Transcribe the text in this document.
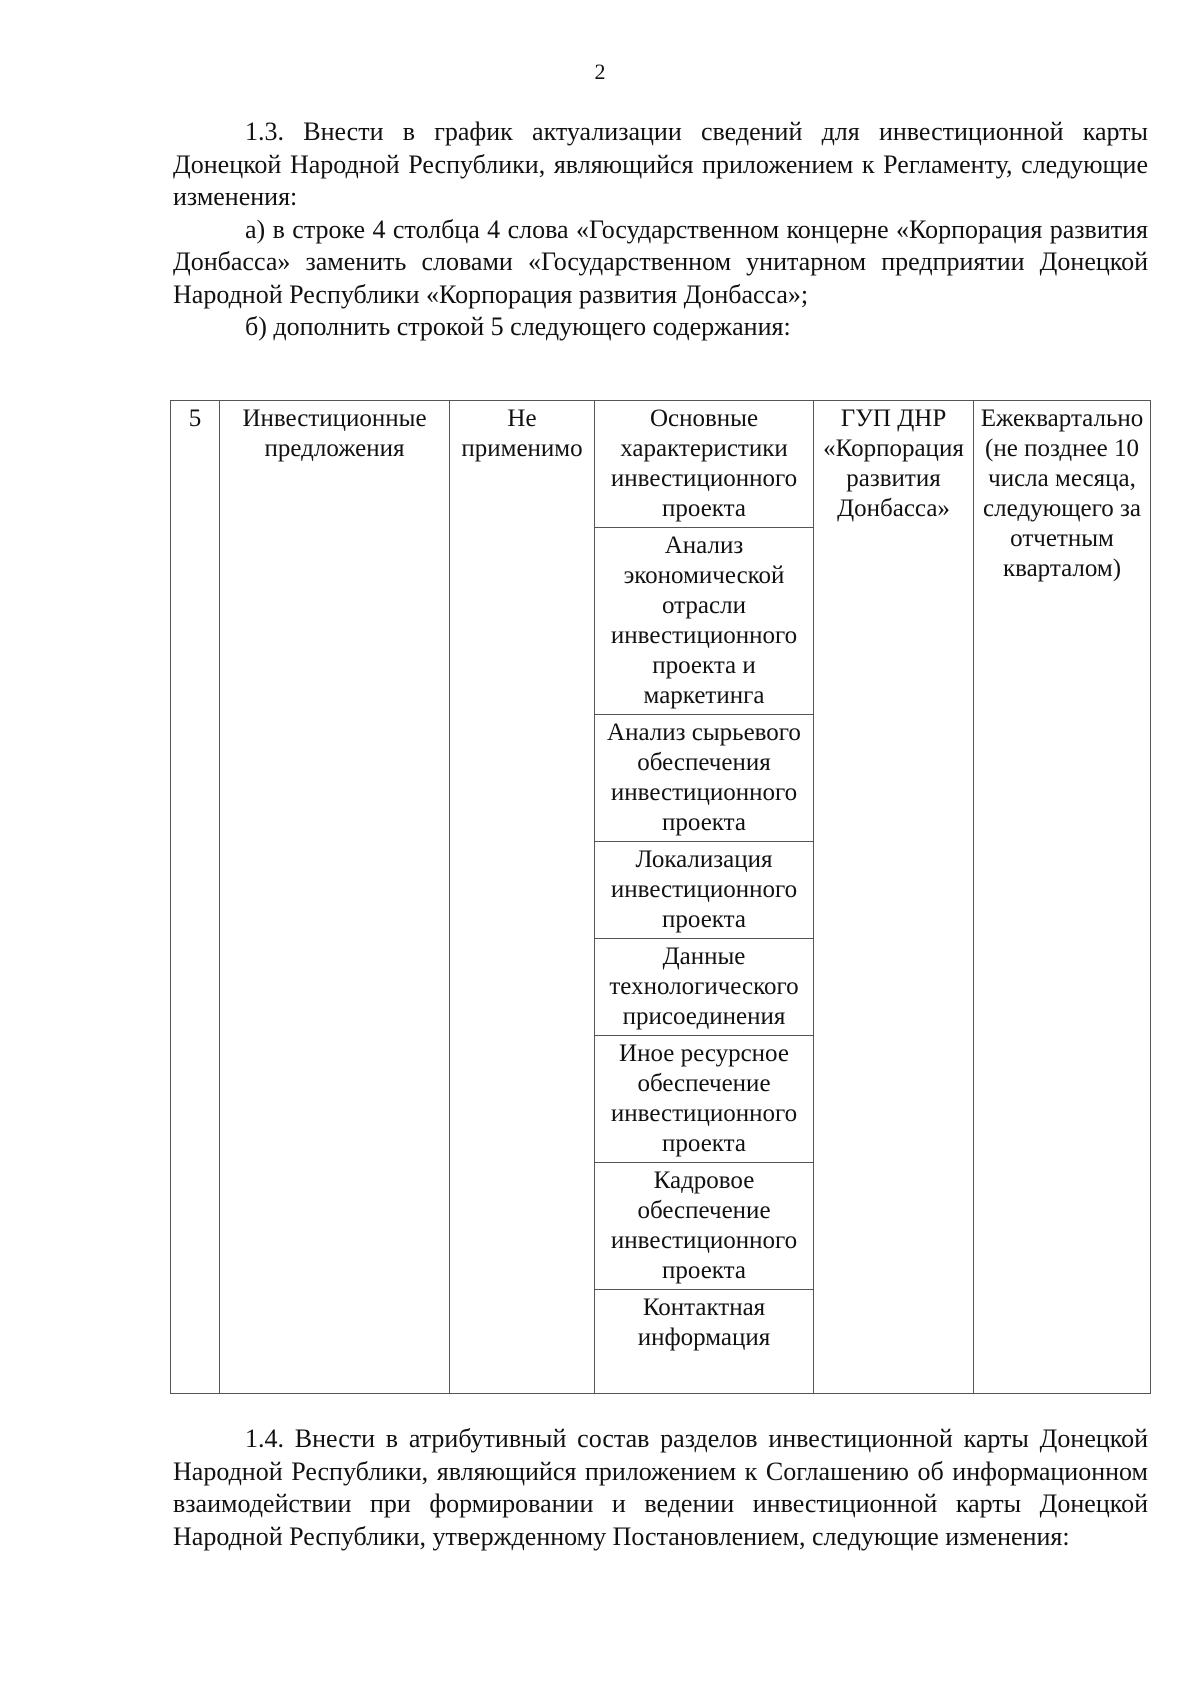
2

1.3. Внести в график актуализации сведений для инвестиционной карты Донецкой Народной Республики, являющийся приложением к Регламенту, следующие изменения:

а) в строке 4 столбца 4 слова «Государственном концерне «Корпорация развития Донбасса» заменить словами «Государственном унитарном предприятии Донецкой Народной Республики «Корпорация развития Донбасса»;

б) дополнить строкой 5 следующего содержания:

5	Инвестиционные предложения	Не применимо	Основные характеристики инвестиционного проекта	ГУП ДНР «Корпорация развития Донбасса»	Ежеквартально (не позднее 10 числа месяца, следующего за отчетным кварталом)
Анализ экономической отрасли инвестиционного проекта и маркетинга
Анализ сырьевого обеспечения инвестиционного проекта
Локализация инвестиционного проекта
Данные технологического присоединения
Иное ресурсное обеспечение инвестиционного проекта
Кадровое обеспечение инвестиционного проекта
Контактная информация

1.4. Внести в атрибутивный состав разделов инвестиционной карты Донецкой Народной Республики, являющийся приложением к Соглашению об информационном взаимодействии при формировании и ведении инвестиционной карты Донецкой Народной Республики, утвержденному Постановлением, следующие изменения:
